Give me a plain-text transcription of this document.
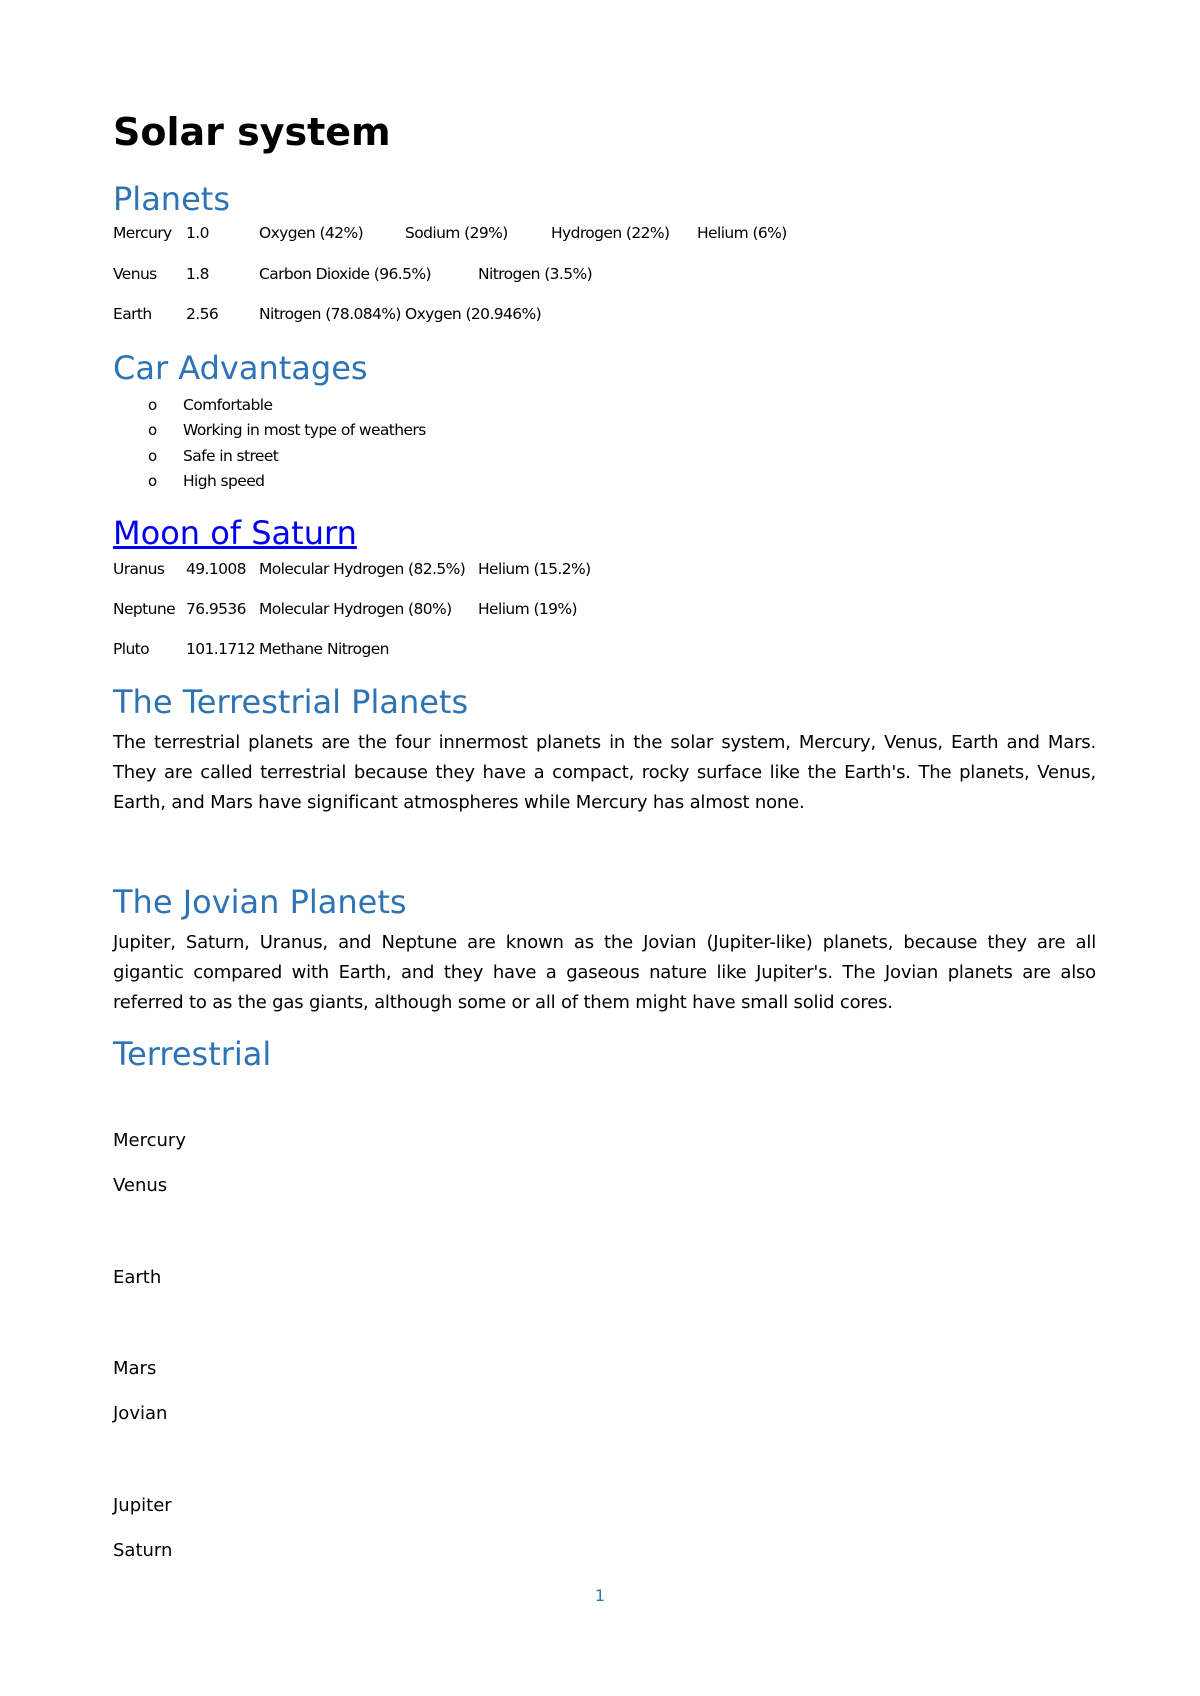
Solar system
Planets
Mercury 1.0	Oxygen (42%)	Sodium (29%)	Hydrogen (22%) Helium (6%)
Venus 1.8	Carbon Dioxide (96.5%)	Nitrogen (3.5%)
Earth 2.56	Nitrogen (78.084%) Oxygen (20.946%)
Car Advantages
o Comfortable
o Working in most type of weathers
o Safe in street
o High speed
Moon of Saturn
Uranus 49.1008 Molecular Hydrogen (82.5%) Helium (15.2%)
Neptune 76.9536 Molecular Hydrogen (80%) Helium (19%)
Pluto 101.1712 Methane Nitrogen
The Terrestrial Planets
The terrestrial planets are the four innermost planets in the solar system, Mercury, Venus, Earth and Mars. They are called terrestrial because they have a compact, rocky surface like the Earth's. The planets, Venus, Earth, and Mars have significant atmospheres while Mercury has almost none.
The Jovian Planets
Jupiter, Saturn, Uranus, and Neptune are known as the Jovian (Jupiter-like) planets, because they are all gigantic compared with Earth, and they have a gaseous nature like Jupiter's. The Jovian planets are also referred to as the gas giants, although some or all of them might have small solid cores.
Terrestrial
Mercury
Venus
Earth
Mars
Jovian
Jupiter
Saturn
1
